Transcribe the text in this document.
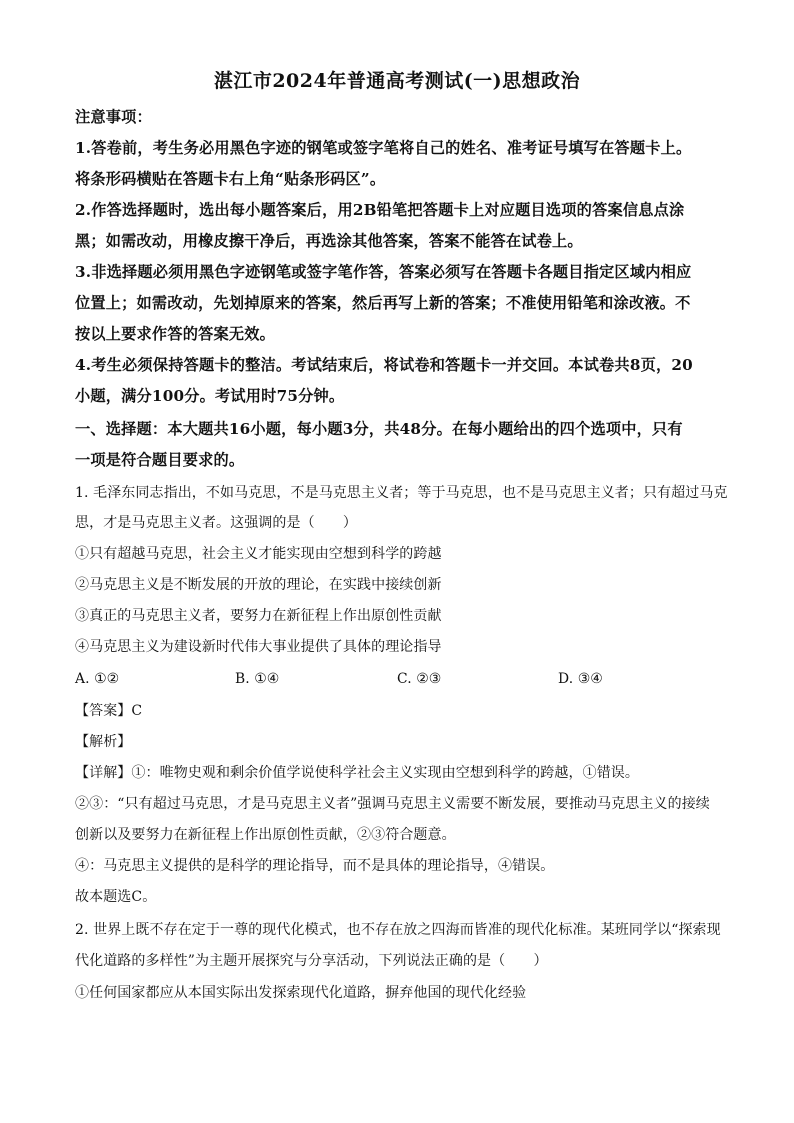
湛江市2024年普通高考测试(一)思想政治
注意事项：
1.答卷前，考生务必用黑色字迹的钢笔或签字笔将自己的姓名、准考证号填写在答题卡上。
将条形码横贴在答题卡右上角“贴条形码区”。
2.作答选择题时，选出每小题答案后，用2B铅笔把答题卡上对应题目选项的答案信息点涂
黑；如需改动，用橡皮擦干净后，再选涂其他答案，答案不能答在试卷上。
3.非选择题必须用黑色字迹钢笔或签字笔作答，答案必须写在答题卡各题目指定区域内相应
位置上；如需改动，先划掉原来的答案，然后再写上新的答案；不准使用铅笔和涂改液。不
按以上要求作答的答案无效。
4.考生必须保持答题卡的整洁。考试结束后，将试卷和答题卡一并交回。本试卷共8页，20
小题，满分100分。考试用时75分钟。
一、选择题：本大题共16小题，每小题3分，共48分。在每小题给出的四个选项中，只有
一项是符合题目要求的。
1. 毛泽东同志指出，不如马克思，不是马克思主义者；等于马克思，也不是马克思主义者；只有超过马克
思，才是马克思主义者。这强调的是（　　）
①只有超越马克思，社会主义才能实现由空想到科学的跨越
②马克思主义是不断发展的开放的理论，在实践中接续创新
③真正的马克思主义者，要努力在新征程上作出原创性贡献
④马克思主义为建设新时代伟大事业提供了具体的理论指导
A. ①②	B. ①④	C. ②③	D. ③④
【答案】C
【解析】
【详解】①：唯物史观和剩余价值学说使科学社会主义实现由空想到科学的跨越，①错误。
②③：“只有超过马克思，才是马克思主义者”强调马克思主义需要不断发展，要推动马克思主义的接续
创新以及要努力在新征程上作出原创性贡献，②③符合题意。
④：马克思主义提供的是科学的理论指导，而不是具体的理论指导，④错误。
故本题选C。
2. 世界上既不存在定于一尊的现代化模式，也不存在放之四海而皆准的现代化标准。某班同学以“探索现
代化道路的多样性”为主题开展探究与分享活动，下列说法正确的是（　　）
①任何国家都应从本国实际出发探索现代化道路，摒弃他国的现代化经验
